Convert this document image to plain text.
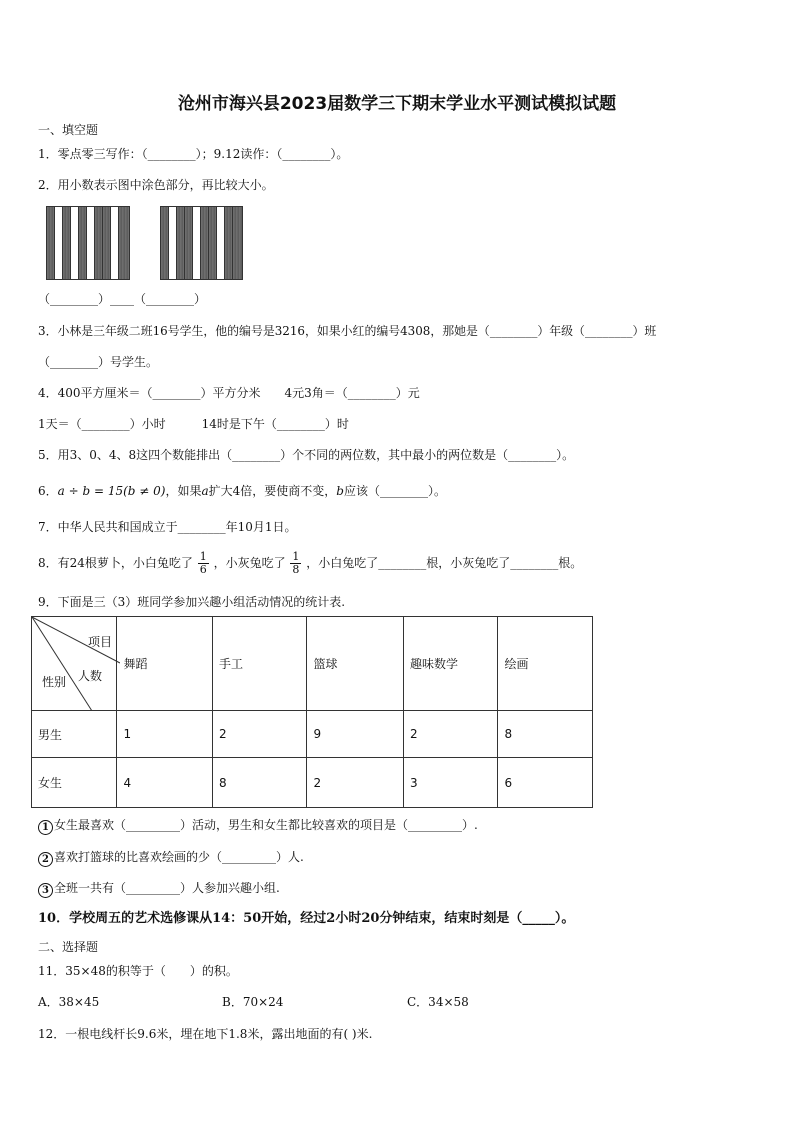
沧州市海兴县2023届数学三下期末学业水平测试模拟试题
一、填空题
1．零点零三写作：（________）；9.12读作：（________）。
2．用小数表示图中涂色部分，再比较大小。
（________）____（________）
3．小林是三年级二班16号学生，他的编号是3216，如果小红的编号4308，那她是（________）年级（________）班
（________）号学生。
4．400平方厘米＝（________）平方分米　　4元3角＝（________）元
1天＝（________）小时　　　14时是下午（________）时
5．用3、0、4、8这四个数能排出（________）个不同的两位数，其中最小的两位数是（________）。
6．a ÷ b = 15(b ≠ 0)，如果a扩大4倍，要使商不变，b应该（________）。
7．中华人民共和国成立于________年10月1日。
8．有24根萝卜，小白兔吃了 $\frac{1}{6}$ ，小灰兔吃了 $\frac{1}{8}$ ，小白兔吃了________根，小灰兔吃了________根。
9．下面是三（3）班同学参加兴趣小组活动情况的统计表.
项目
人数
性别	舞蹈	手工	篮球	趣味数学	绘画
男生	1	2	9	2	8
女生	4	8	2	3	6
1 女生最喜欢（_________）活动，男生和女生都比较喜欢的项目是（_________）.
2 喜欢打篮球的比喜欢绘画的少（_________）人.
3 全班一共有（_________）人参加兴趣小组.
10．学校周五的艺术选修课从14：50开始，经过2小时20分钟结束，结束时刻是（_____）。
二、选择题
11．35×48的积等于（　　）的积。
A．38×45	B．70×24	C．34×58
12．一根电线杆长9.6米，埋在地下1.8米，露出地面的有( )米.
